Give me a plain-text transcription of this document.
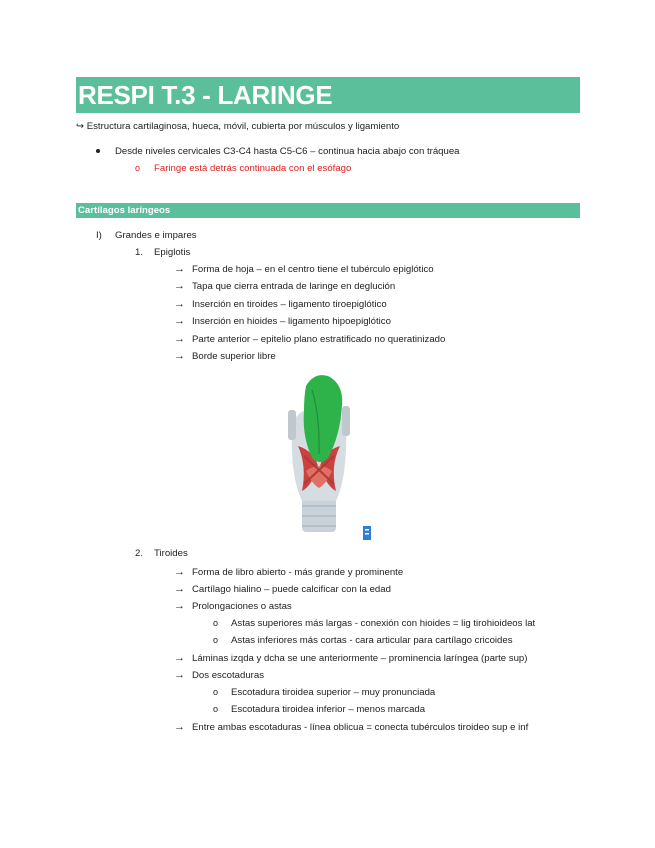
RESPI T.3 - LARINGE
↪ Estructura cartilaginosa, hueca, móvil, cubierta por músculos y ligamiento
Desde niveles cervicales C3-C4 hasta C5-C6 – continua hacia abajo con tráquea
o Faringe está detrás continuada con el esófago
Cartílagos laríngeos
I) Grandes e impares
1. Epiglotis
→ Forma de hoja – en el centro tiene el tubérculo epiglótico
→ Tapa que cierra entrada de laringe en deglución
→ Inserción en tiroides – ligamento tiroepiglótico
→ Inserción en hioides – ligamento hipoepiglótico
→ Parte anterior – epitelio plano estratificado no queratinizado
→ Borde superior libre
2. Tiroides
→ Forma de libro abierto - más grande y prominente
→ Cartílago hialino – puede calcificar con la edad
→ Prolongaciones o astas
o Astas superiores más largas - conexión con hioides = lig tirohioideos lat
o Astas inferiores más cortas - cara articular para cartílago cricoides
→ Láminas izqda y dcha se une anteriormente – prominencia laríngea (parte sup)
→ Dos escotaduras
o Escotadura tiroidea superior – muy pronunciada
o Escotadura tiroidea inferior – menos marcada
→ Entre ambas escotaduras - línea oblicua = conecta tubérculos tiroideo sup e inf
